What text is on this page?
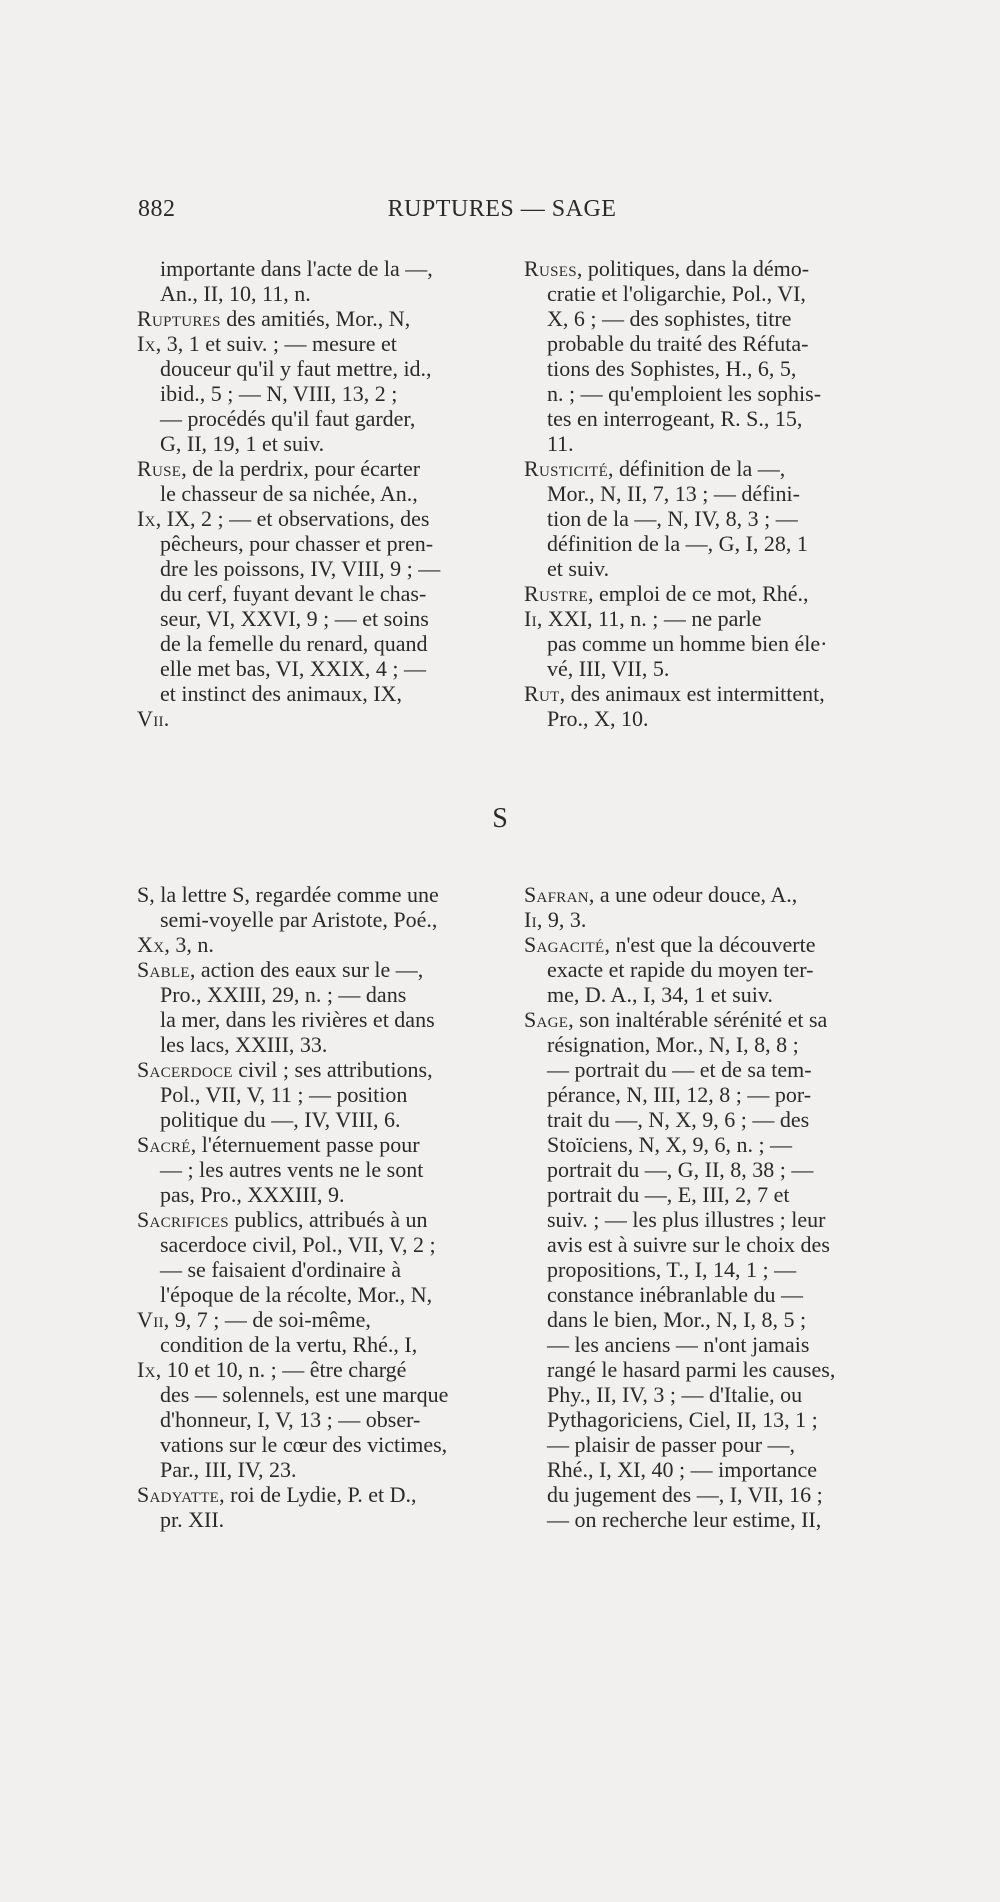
882	RUPTURES — SAGE
importante dans l'acte de la —,
An., II, 10, 11, n.
Ruptures des amitiés, Mor., N,
Ix, 3, 1 et suiv. ; — mesure et
douceur qu'il y faut mettre, id.,
ibid., 5 ; — N, VIII, 13, 2 ;
— procédés qu'il faut garder,
G, II, 19, 1 et suiv.
Ruse, de la perdrix, pour écarter
le chasseur de sa nichée, An.,
Ix, IX, 2 ; — et observations, des
pêcheurs, pour chasser et pren-
dre les poissons, IV, VIII, 9 ; —
du cerf, fuyant devant le chas-
seur, VI, XXVI, 9 ; — et soins
de la femelle du renard, quand
elle met bas, VI, XXIX, 4 ; —
et instinct des animaux, IX,
Vii.
Ruses, politiques, dans la démo-
cratie et l'oligarchie, Pol., VI,
X, 6 ; — des sophistes, titre
probable du traité des Réfuta-
tions des Sophistes, H., 6, 5,
n. ; — qu'emploient les sophis-
tes en interrogeant, R. S., 15,
11.
Rusticité, définition de la —,
Mor., N, II, 7, 13 ; — défini-
tion de la —, N, IV, 8, 3 ; —
définition de la —, G, I, 28, 1
et suiv.
Rustre, emploi de ce mot, Rhé.,
Ii, XXI, 11, n. ; — ne parle
pas comme un homme bien éle·
vé, III, VII, 5.
Rut, des animaux est intermittent,
Pro., X, 10.
S
S, la lettre S, regardée comme une
semi-voyelle par Aristote, Poé.,
Xx, 3, n.
Sable, action des eaux sur le —,
Pro., XXIII, 29, n. ; — dans
la mer, dans les rivières et dans
les lacs, XXIII, 33.
Sacerdoce civil ; ses attributions,
Pol., VII, V, 11 ; — position
politique du —, IV, VIII, 6.
Sacré, l'éternuement passe pour
— ; les autres vents ne le sont
pas, Pro., XXXIII, 9.
Sacrifices publics, attribués à un
sacerdoce civil, Pol., VII, V, 2 ;
— se faisaient d'ordinaire à
l'époque de la récolte, Mor., N,
Vii, 9, 7 ; — de soi-même,
condition de la vertu, Rhé., I,
Ix, 10 et 10, n. ; — être chargé
des — solennels, est une marque
d'honneur, I, V, 13 ; — obser-
vations sur le cœur des victimes,
Par., III, IV, 23.
Sadyatte, roi de Lydie, P. et D.,
pr. XII.
Safran, a une odeur douce, A.,
Ii, 9, 3.
Sagacité, n'est que la découverte
exacte et rapide du moyen ter-
me, D. A., I, 34, 1 et suiv.
Sage, son inaltérable sérénité et sa
résignation, Mor., N, I, 8, 8 ;
— portrait du — et de sa tem-
pérance, N, III, 12, 8 ; — por-
trait du —, N, X, 9, 6 ; — des
Stoïciens, N, X, 9, 6, n. ; —
portrait du —, G, II, 8, 38 ; —
portrait du —, E, III, 2, 7 et
suiv. ; — les plus illustres ; leur
avis est à suivre sur le choix des
propositions, T., I, 14, 1 ; —
constance inébranlable du —
dans le bien, Mor., N, I, 8, 5 ;
— les anciens — n'ont jamais
rangé le hasard parmi les causes,
Phy., II, IV, 3 ; — d'Italie, ou
Pythagoriciens, Ciel, II, 13, 1 ;
— plaisir de passer pour —,
Rhé., I, XI, 40 ; — importance
du jugement des —, I, VII, 16 ;
— on recherche leur estime, II,
